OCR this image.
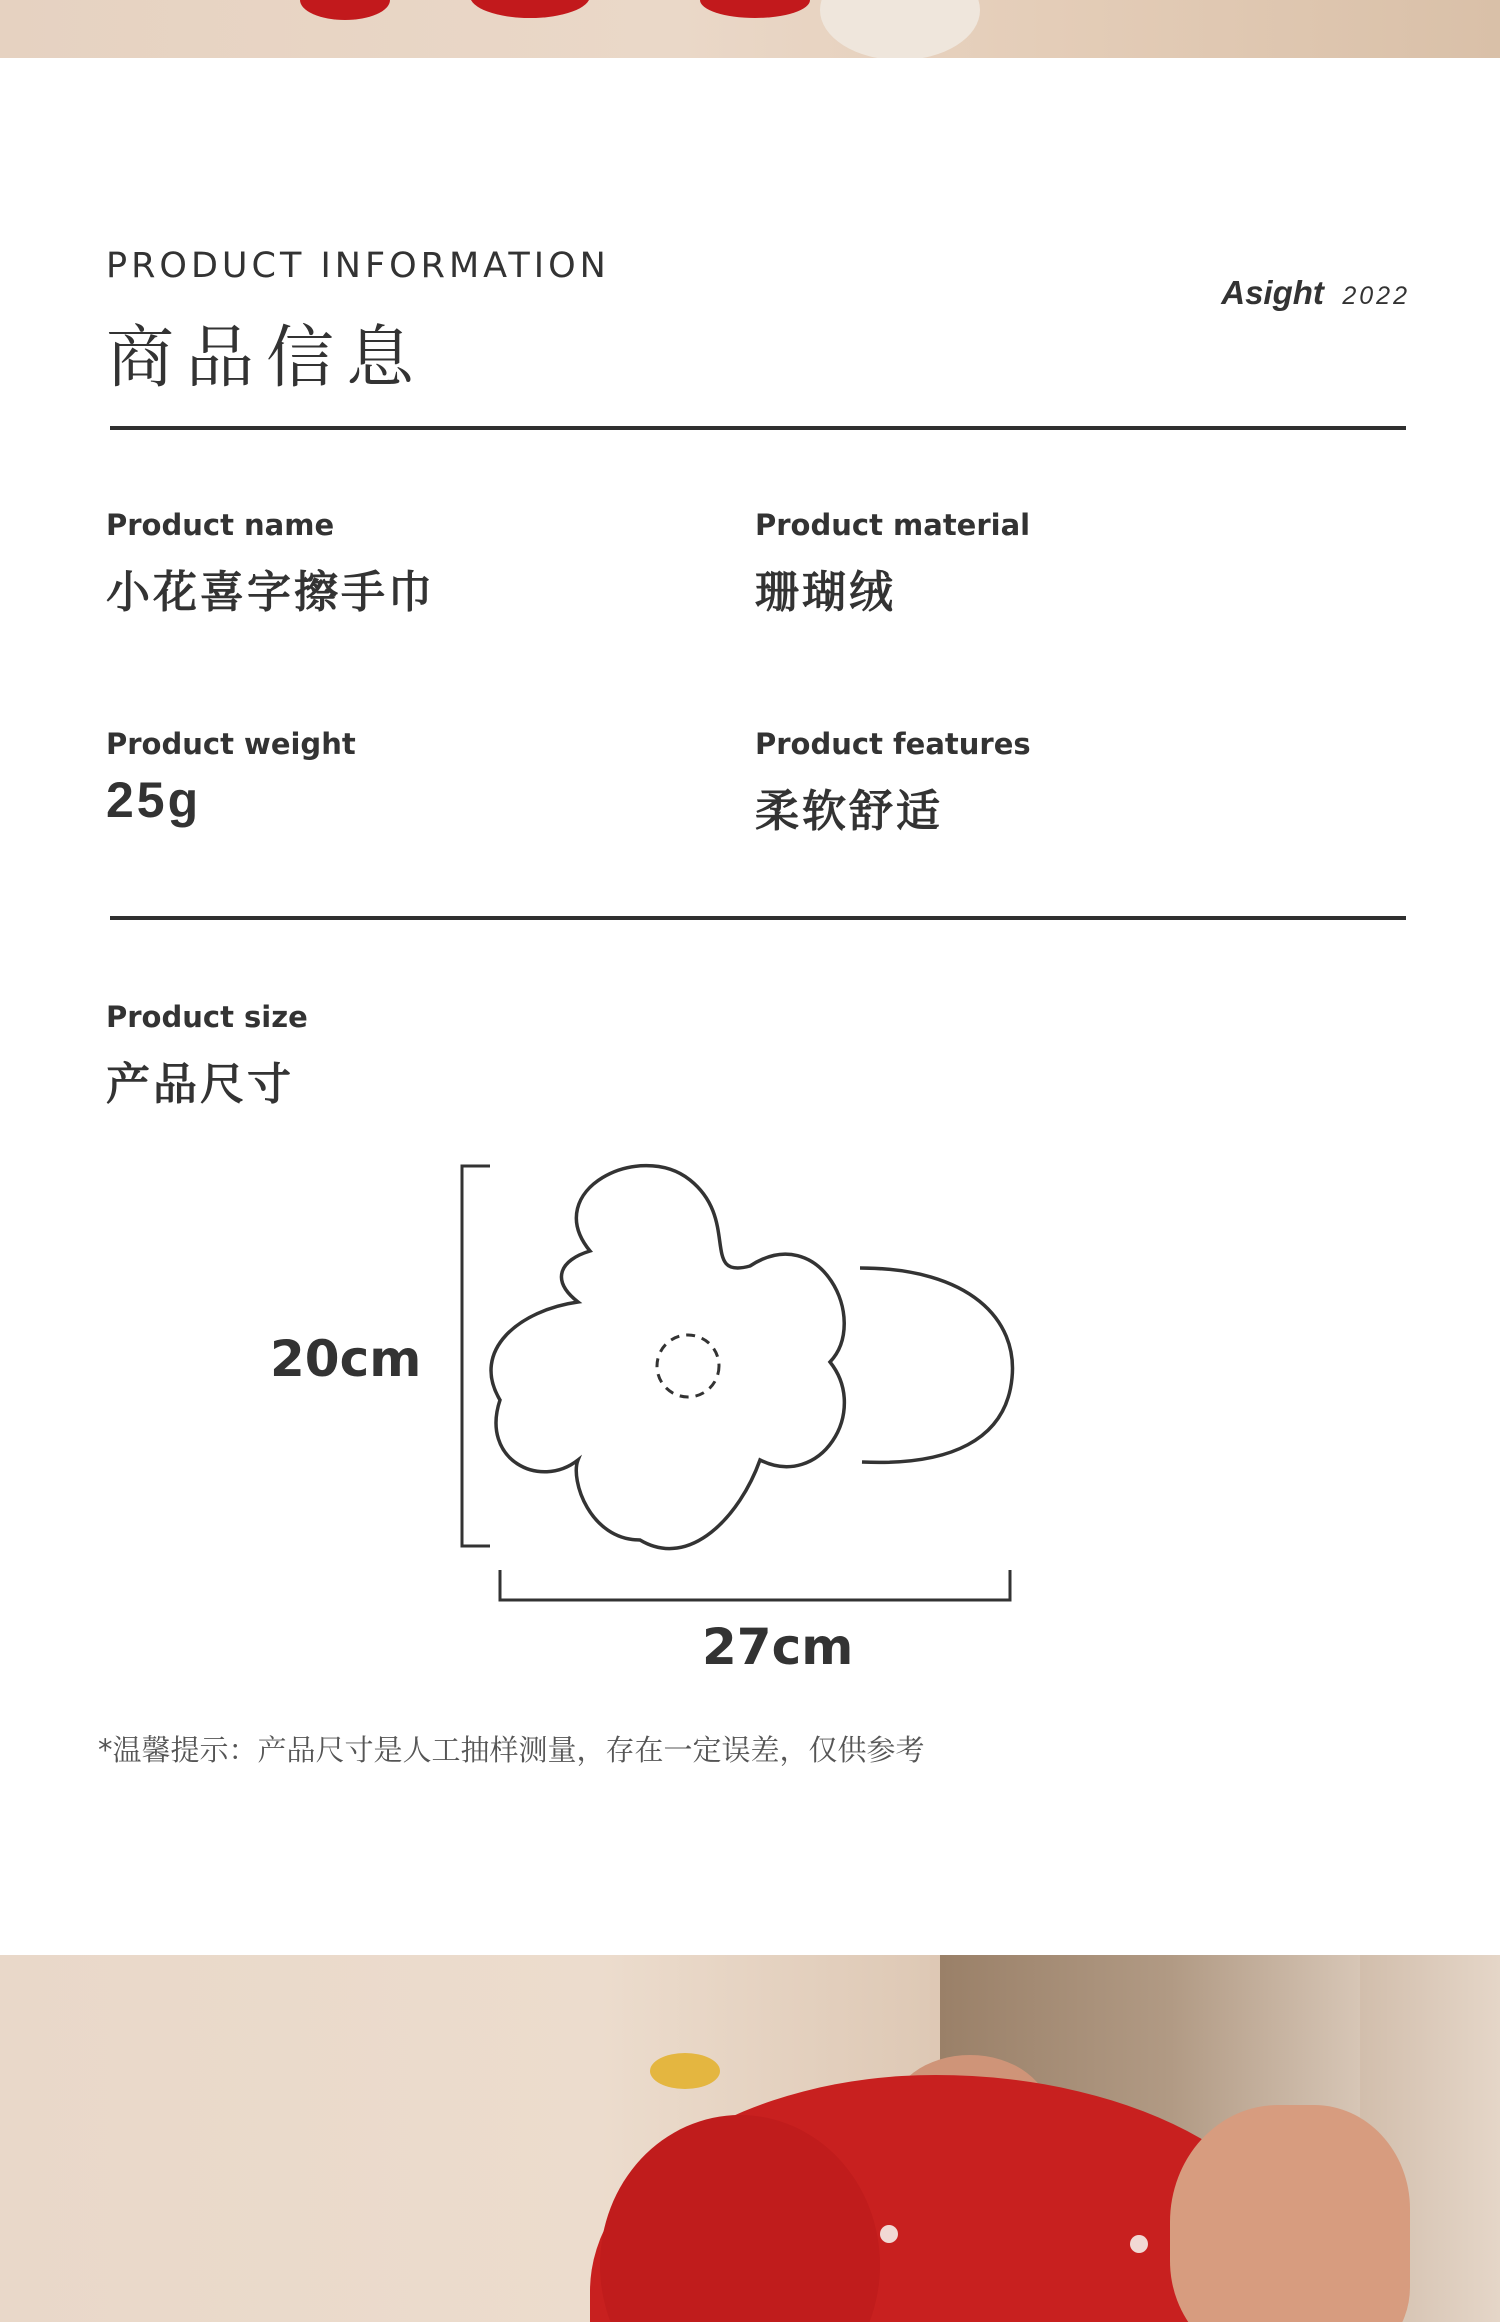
PRODUCT INFORMATION
商品信息
Asight 2022
Product name
小花喜字擦手巾
Product material
珊瑚绒
Product weight
25g
Product features
柔软舒适
Product size
产品尺寸
20cm
27cm

*温馨提示：产品尺寸是人工抽样测量，存在一定误差，仅供参考
